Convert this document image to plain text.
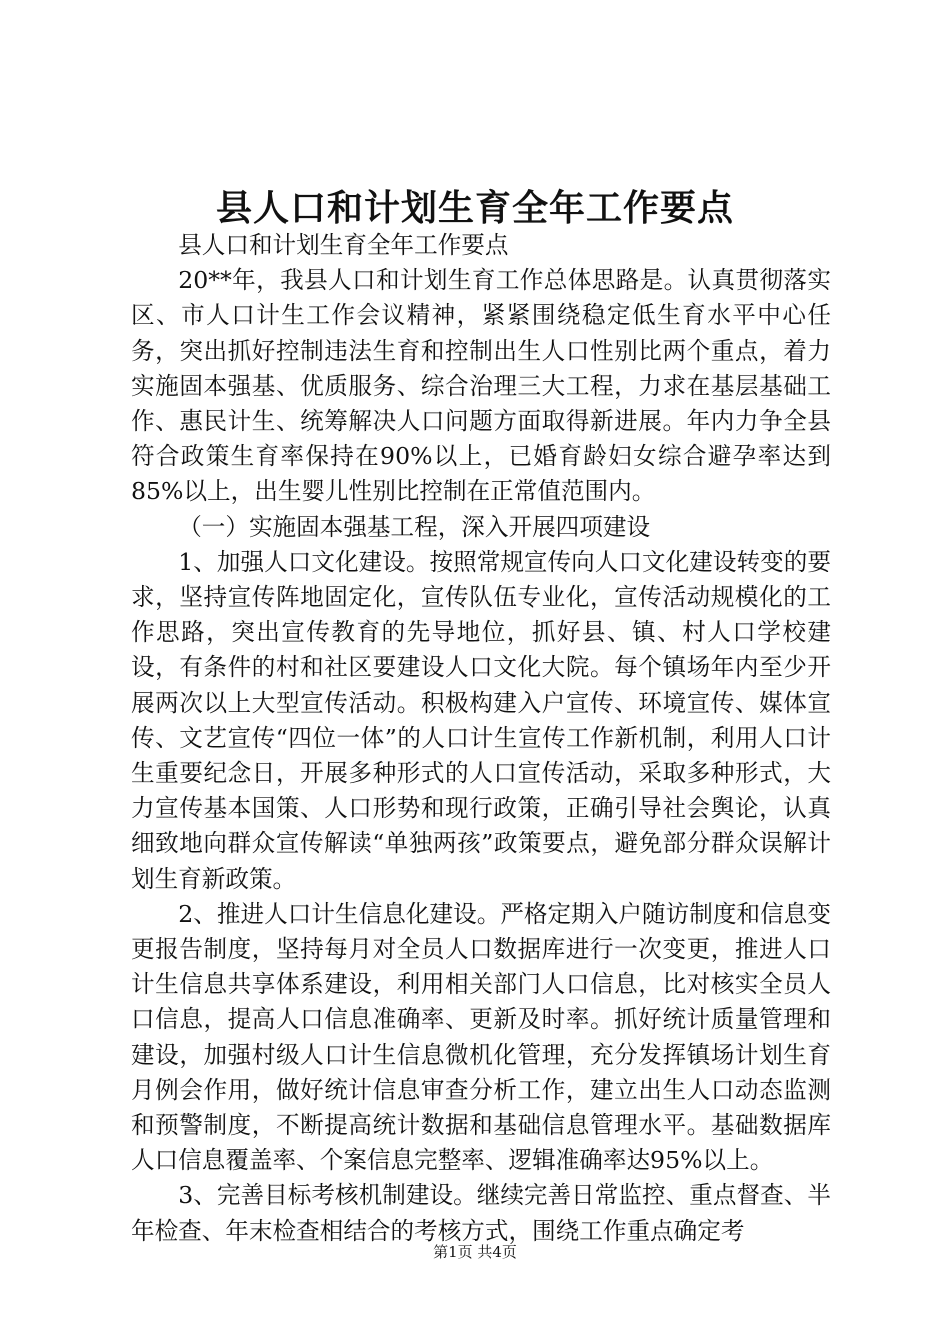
县人口和计划生育全年工作要点

县人口和计划生育全年工作要点

20**年，我县人口和计划生育工作总体思路是。认真贯彻落实区、市人口计生工作会议精神，紧紧围绕稳定低生育水平中心任务，突出抓好控制违法生育和控制出生人口性别比两个重点，着力实施固本强基、优质服务、综合治理三大工程，力求在基层基础工作、惠民计生、统筹解决人口问题方面取得新进展。年内力争全县符合政策生育率保持在90%以上，已婚育龄妇女综合避孕率达到85%以上，出生婴儿性别比控制在正常值范围内。

（一）实施固本强基工程，深入开展四项建设

1、加强人口文化建设。按照常规宣传向人口文化建设转变的要求，坚持宣传阵地固定化，宣传队伍专业化，宣传活动规模化的工作思路，突出宣传教育的先导地位，抓好县、镇、村人口学校建设，有条件的村和社区要建设人口文化大院。每个镇场年内至少开展两次以上大型宣传活动。积极构建入户宣传、环境宣传、媒体宣传、文艺宣传“四位一体”的人口计生宣传工作新机制，利用人口计生重要纪念日，开展多种形式的人口宣传活动，采取多种形式，大力宣传基本国策、人口形势和现行政策，正确引导社会舆论，认真细致地向群众宣传解读“单独两孩”政策要点，避免部分群众误解计划生育新政策。

2、推进人口计生信息化建设。严格定期入户随访制度和信息变更报告制度，坚持每月对全员人口数据库进行一次变更，推进人口计生信息共享体系建设，利用相关部门人口信息，比对核实全员人口信息，提高人口信息准确率、更新及时率。抓好统计质量管理和建设，加强村级人口计生信息微机化管理，充分发挥镇场计划生育月例会作用，做好统计信息审查分析工作，建立出生人口动态监测和预警制度，不断提高统计数据和基础信息管理水平。基础数据库人口信息覆盖率、个案信息完整率、逻辑准确率达95%以上。

3、完善目标考核机制建设。继续完善日常监控、重点督查、半年检查、年末检查相结合的考核方式，围绕工作重点确定考

第1页 共4页
